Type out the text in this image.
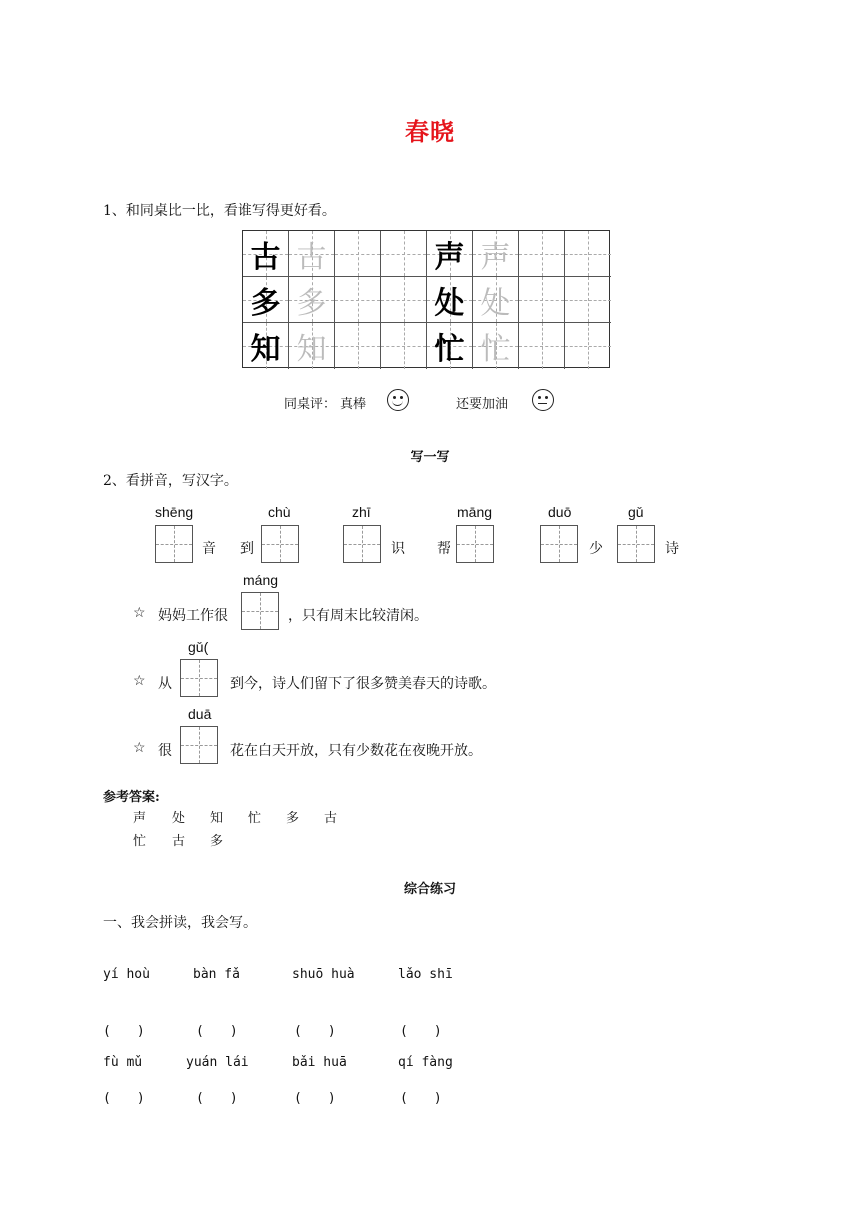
春晓
1、和同桌比一比，看谁写得更好看。
古 古	声 声
多 多	处 处
知 知	忙 忙
同桌评： 真棒	还要加油
写一写
2、看拼音，写汉字。
shēng
音 到
chù	zhī
识 帮
māng	duō
少
gǔ
诗
☆ 妈妈工作很
máng
，只有周末比较清闲。
☆ 从
gǔ(
到今，诗人们留下了很多赞美春天的诗歌。
☆ 很
duā
花在白天开放，只有少数花在夜晚开放。
参考答案:
声 处 知 忙 多 古
忙 古 多
综合练习
一、我会拼读，我会写。
yí hoù	bàn fǎ	shuō huà	lǎo shī
(　　)	(　　)	(　　)	(　　)
fù mǔ	yuán lái	bǎi huā	qí fàng
(　　)	(　　)	(　　)	(　　)
